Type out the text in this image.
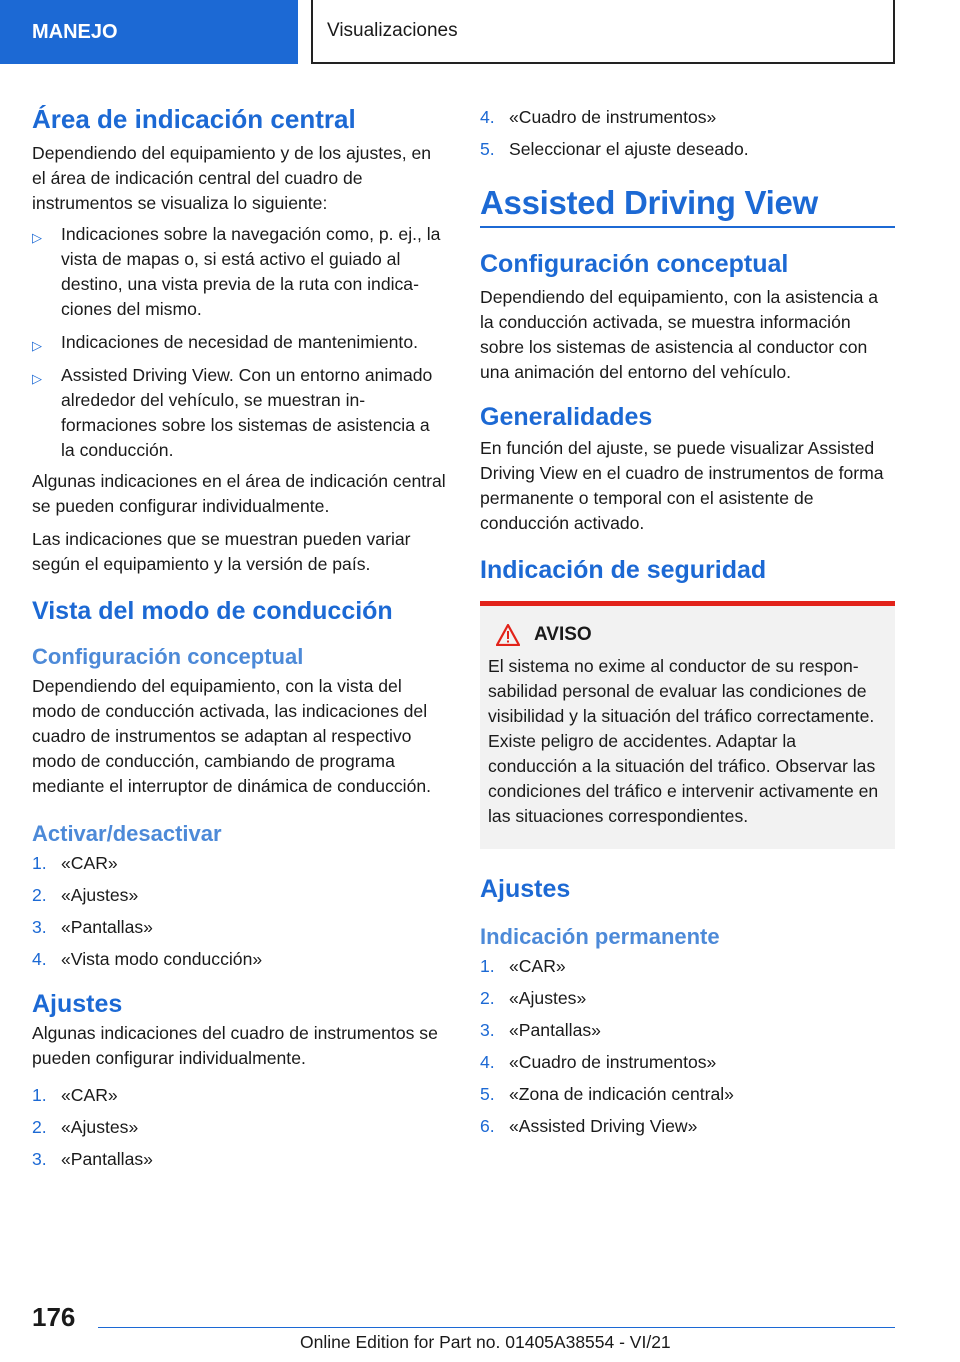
MANEJO	Visualizaciones
Área de indicación central

Dependiendo del equipamiento y de los ajustes, en el área de indicación central del cuadro de instrumentos se visualiza lo siguiente:

▷ Indicaciones sobre la navegación como, p. ej., la vista de mapas o, si está activo el guiado al destino, una vista previa de la ruta con indicaciones del mismo.
▷ Indicaciones de necesidad de mantenimiento.
▷ Assisted Driving View. Con un entorno animado alrededor del vehículo, se muestran informaciones sobre los sistemas de asistencia a la conducción.

Algunas indicaciones en el área de indicación central se pueden configurar individualmente.

Las indicaciones que se muestran pueden variar según el equipamiento y la versión de país.

Vista del modo de conducción
Configuración conceptual

Dependiendo del equipamiento, con la vista del modo de conducción activada, las indicaciones del cuadro de instrumentos se adaptan al respectivo modo de conducción, cambiando de programa mediante el interruptor de dinámica de conducción.

Activar/desactivar
1. «CAR»
2. «Ajustes»
3. «Pantallas»
4. «Vista modo conducción»
Ajustes

Algunas indicaciones del cuadro de instrumentos se pueden configurar individualmente.

1. «CAR»
2. «Ajustes»
3. «Pantallas»
4. «Cuadro de instrumentos»
5. Seleccionar el ajuste deseado.
Assisted Driving View
Configuración conceptual

Dependiendo del equipamiento, con la asistencia a la conducción activada, se muestra información sobre los sistemas de asistencia al conductor con una animación del entorno del vehículo.

Generalidades

En función del ajuste, se puede visualizar Assisted Driving View en el cuadro de instrumentos de forma permanente o temporal con el asistente de conducción activado.

Indicación de seguridad
AVISO

El sistema no exime al conductor de su responsabilidad personal de evaluar las condiciones de visibilidad y la situación del tráfico correctamente. Existe peligro de accidentes. Adaptar la conducción a la situación del tráfico. Observar las condiciones del tráfico e intervenir activamente en las situaciones correspondientes.

Ajustes
Indicación permanente
1. «CAR»
2. «Ajustes»
3. «Pantallas»
4. «Cuadro de instrumentos»
5. «Zona de indicación central»
6. «Assisted Driving View»
176
Online Edition for Part no. 01405A38554 - VI/21
